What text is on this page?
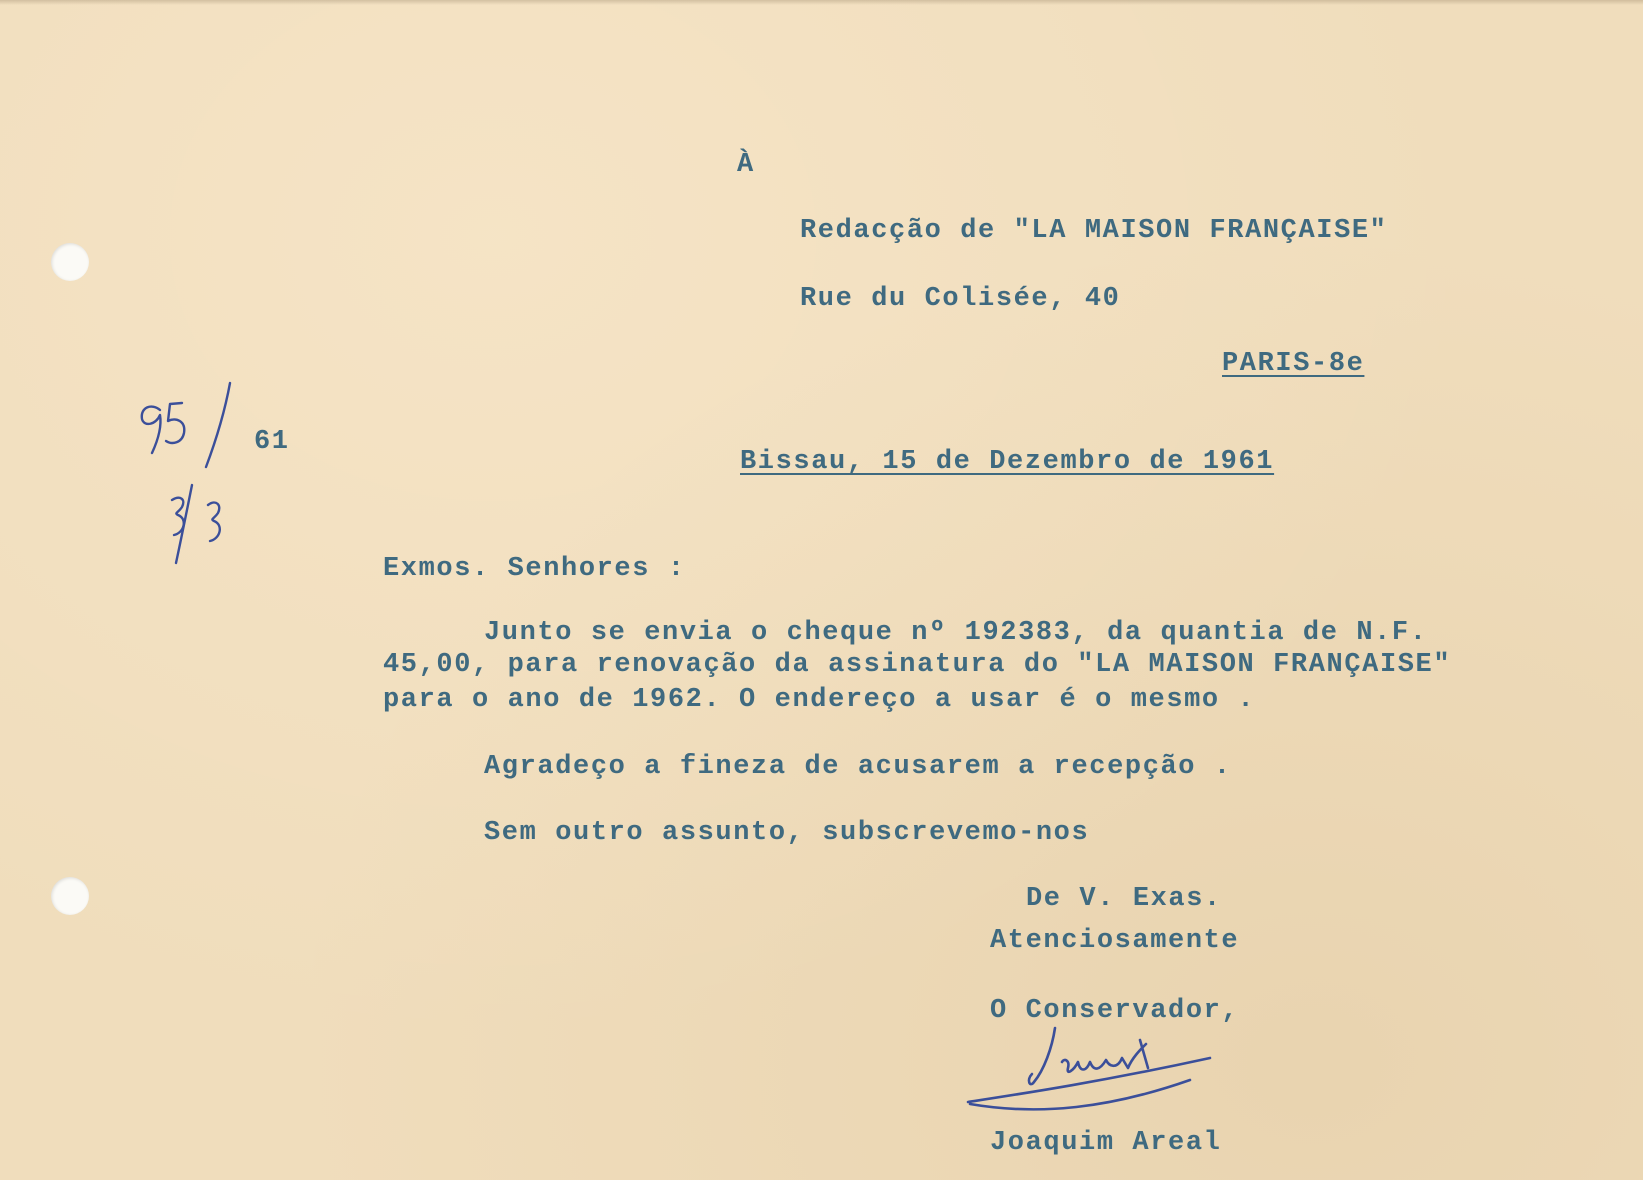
À
Redacção de "LA MAISON FRANÇAISE"
Rue du Colisée, 40
PARIS-8e
61
Bissau, 15 de Dezembro de 1961
Exmos. Senhores :
Junto se envia o cheque nº 192383, da quantia de N.F.
45,00, para renovação da assinatura do "LA MAISON FRANÇAISE"
para o ano de 1962. O endereço a usar é o mesmo .
Agradeço a fineza de acusarem a recepção .
Sem outro assunto, subscrevemo-nos
De V. Exas.
Atenciosamente
O Conservador,
Joaquim Areal
